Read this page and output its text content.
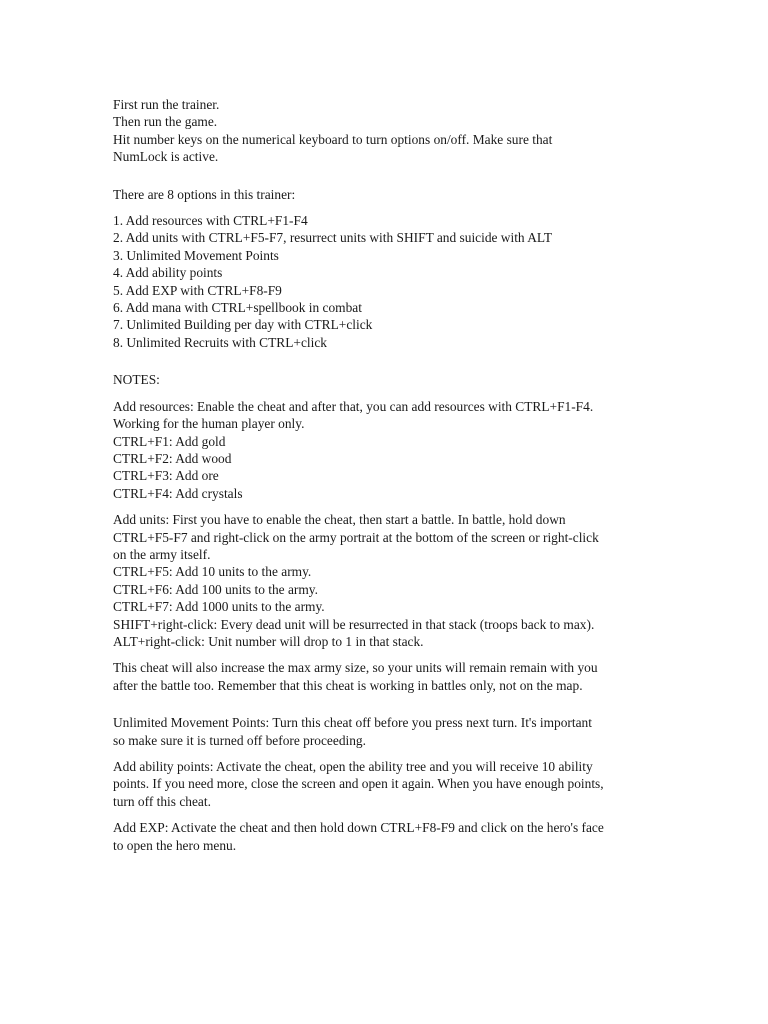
First run the trainer.
Then run the game.
Hit number keys on the numerical keyboard to turn options on/off. Make sure that
NumLock is active.
There are 8 options in this trainer:
1. Add resources with CTRL+F1-F4
2. Add units with CTRL+F5-F7, resurrect units with SHIFT and suicide with ALT
3. Unlimited Movement Points
4. Add ability points
5. Add EXP with CTRL+F8-F9
6. Add mana with CTRL+spellbook in combat
7. Unlimited Building per day with CTRL+click
8. Unlimited Recruits with CTRL+click
NOTES:
Add resources: Enable the cheat and after that, you can add resources with CTRL+F1-F4.
Working for the human player only.
CTRL+F1: Add gold
CTRL+F2: Add wood
CTRL+F3: Add ore
CTRL+F4: Add crystals
Add units: First you have to enable the cheat, then start a battle. In battle, hold down
CTRL+F5-F7 and right-click on the army portrait at the bottom of the screen or right-click
on the army itself.
CTRL+F5: Add 10 units to the army.
CTRL+F6: Add 100 units to the army.
CTRL+F7: Add 1000 units to the army.
SHIFT+right-click: Every dead unit will be resurrected in that stack (troops back to max).
ALT+right-click: Unit number will drop to 1 in that stack.
This cheat will also increase the max army size, so your units will remain remain with you
after the battle too. Remember that this cheat is working in battles only, not on the map.
Unlimited Movement Points: Turn this cheat off before you press next turn. It's important
so make sure it is turned off before proceeding.
Add ability points: Activate the cheat, open the ability tree and you will receive 10 ability
points. If you need more, close the screen and open it again. When you have enough points,
turn off this cheat.
Add EXP: Activate the cheat and then hold down CTRL+F8-F9 and click on the hero's face
to open the hero menu.
